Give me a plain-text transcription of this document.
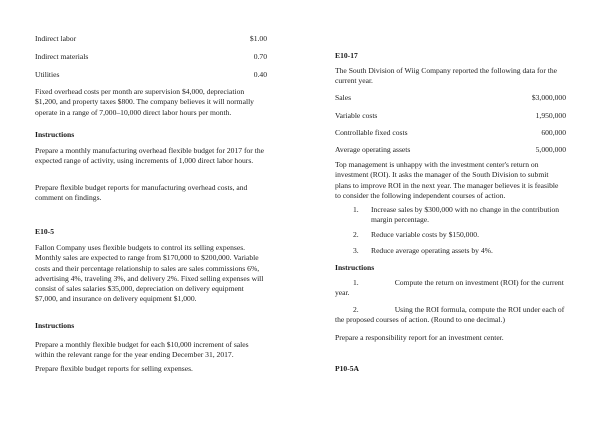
Indirect labor	$1.00
Indirect materials	0.70
Utilities	0.40

Fixed overhead costs per month are supervision $4,000, depreciation $1,200, and property taxes $800. The company believes it will normally operate in a range of 7,000–10,000 direct labor hours per month.

Instructions

Prepare a monthly manufacturing overhead flexible budget for 2017 for the expected range of activity, using increments of 1,000 direct labor hours.

Prepare flexible budget reports for manufacturing overhead costs, and comment on findings.

E10-5

Fallon Company uses flexible budgets to control its selling expenses. Monthly sales are expected to range from $170,000 to $200,000. Variable costs and their percentage relationship to sales are sales commissions 6%, advertising 4%, traveling 3%, and delivery 2%. Fixed selling expenses will consist of sales salaries $35,000, depreciation on delivery equipment $7,000, and insurance on delivery equipment $1,000.

Instructions

Prepare a monthly flexible budget for each $10,000 increment of sales within the relevant range for the year ending December 31, 2017.

Prepare flexible budget reports for selling expenses.

E10-17

The South Division of Wiig Company reported the following data for the current year.

Sales	$3,000,000
Variable costs	1,950,000
Controllable fixed costs	600,000
Average operating assets	5,000,000

Top management is unhappy with the investment center's return on investment (ROI). It asks the manager of the South Division to submit plans to improve ROI in the next year. The manager believes it is feasible to consider the following independent courses of action.

1.	Increase sales by $300,000 with no change in the contribution margin percentage.
2.	Reduce variable costs by $150,000.
3.	Reduce average operating assets by 4%.

Instructions

1.	Compute the return on investment (ROI) for the current year.
2.	Using the ROI formula, compute the ROI under each of the proposed courses of action. (Round to one decimal.)

Prepare a responsibility report for an investment center.

P10-5A
